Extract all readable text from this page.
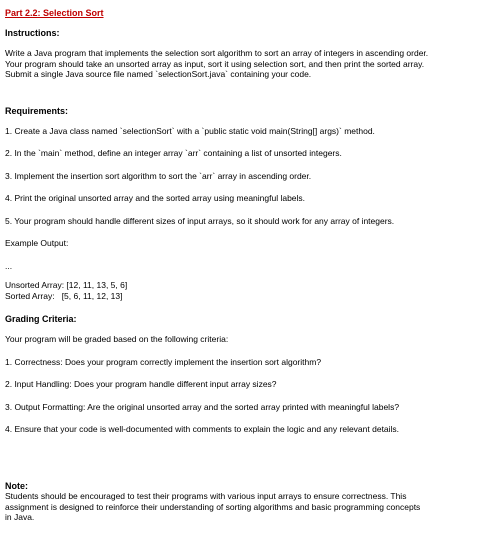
Part 2.2: Selection Sort
Instructions:
Write a Java program that implements the selection sort algorithm to sort an array of integers in ascending order.
Your program should take an unsorted array as input, sort it using selection sort, and then print the sorted array.
Submit a single Java source file named `selectionSort.java` containing your code.
Requirements:
1. Create a Java class named `selectionSort` with a `public static void main(String[] args)` method.
2. In the `main` method, define an integer array `arr` containing a list of unsorted integers.
3. Implement the insertion sort algorithm to sort the `arr` array in ascending order.
4. Print the original unsorted array and the sorted array using meaningful labels.
5. Your program should handle different sizes of input arrays, so it should work for any array of integers.
Example Output:
...
Unsorted Array: [12, 11, 13, 5, 6]
Sorted Array:   [5, 6, 11, 12, 13]
Grading Criteria:
Your program will be graded based on the following criteria:
1. Correctness: Does your program correctly implement the insertion sort algorithm?
2. Input Handling: Does your program handle different input array sizes?
3. Output Formatting: Are the original unsorted array and the sorted array printed with meaningful labels?
4. Ensure that your code is well-documented with comments to explain the logic and any relevant details.
Note:
Students should be encouraged to test their programs with various input arrays to ensure correctness. This
assignment is designed to reinforce their understanding of sorting algorithms and basic programming concepts
in Java.
